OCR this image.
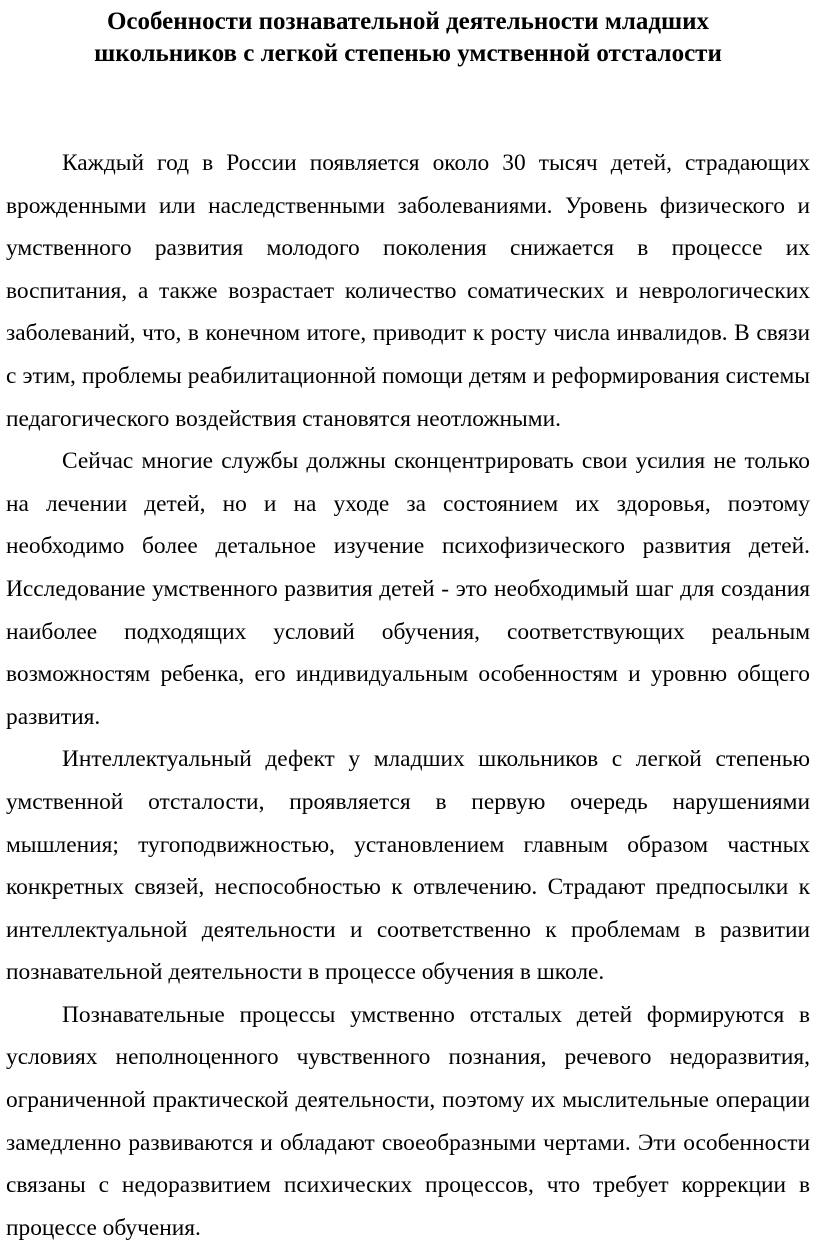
Особенности познавательной деятельности младших школьников с легкой степенью умственной отсталости

Каждый год в России появляется около 30 тысяч детей, страдающих врожденными или наследственными заболеваниями. Уровень физического и умственного развития молодого поколения снижается в процессе их воспитания, а также возрастает количество соматических и неврологических заболеваний, что, в конечном итоге, приводит к росту числа инвалидов. В связи с этим, проблемы реабилитационной помощи детям и реформирования системы педагогического воздействия становятся неотложными.

Сейчас многие службы должны сконцентрировать свои усилия не только на лечении детей, но и на уходе за состоянием их здоровья, поэтому необходимо более детальное изучение психофизического развития детей. Исследование умственного развития детей - это необходимый шаг для создания наиболее подходящих условий обучения, соответствующих реальным возможностям ребенка, его индивидуальным особенностям и уровню общего развития.

Интеллектуальный дефект у младших школьников с легкой степенью умственной отсталости, проявляется в первую очередь нарушениями мышления; тугоподвижностью, установлением главным образом частных конкретных связей, неспособностью к отвлечению. Страдают предпосылки к интеллектуальной деятельности и соответственно к проблемам в развитии познавательной деятельности в процессе обучения в школе.

Познавательные процессы умственно отсталых детей формируются в условиях неполноценного чувственного познания, речевого недоразвития, ограниченной практической деятельности, поэтому их мыслительные операции замедленно развиваются и обладают своеобразными чертами. Эти особенности связаны с недоразвитием психических процессов, что требует коррекции в процессе обучения.
